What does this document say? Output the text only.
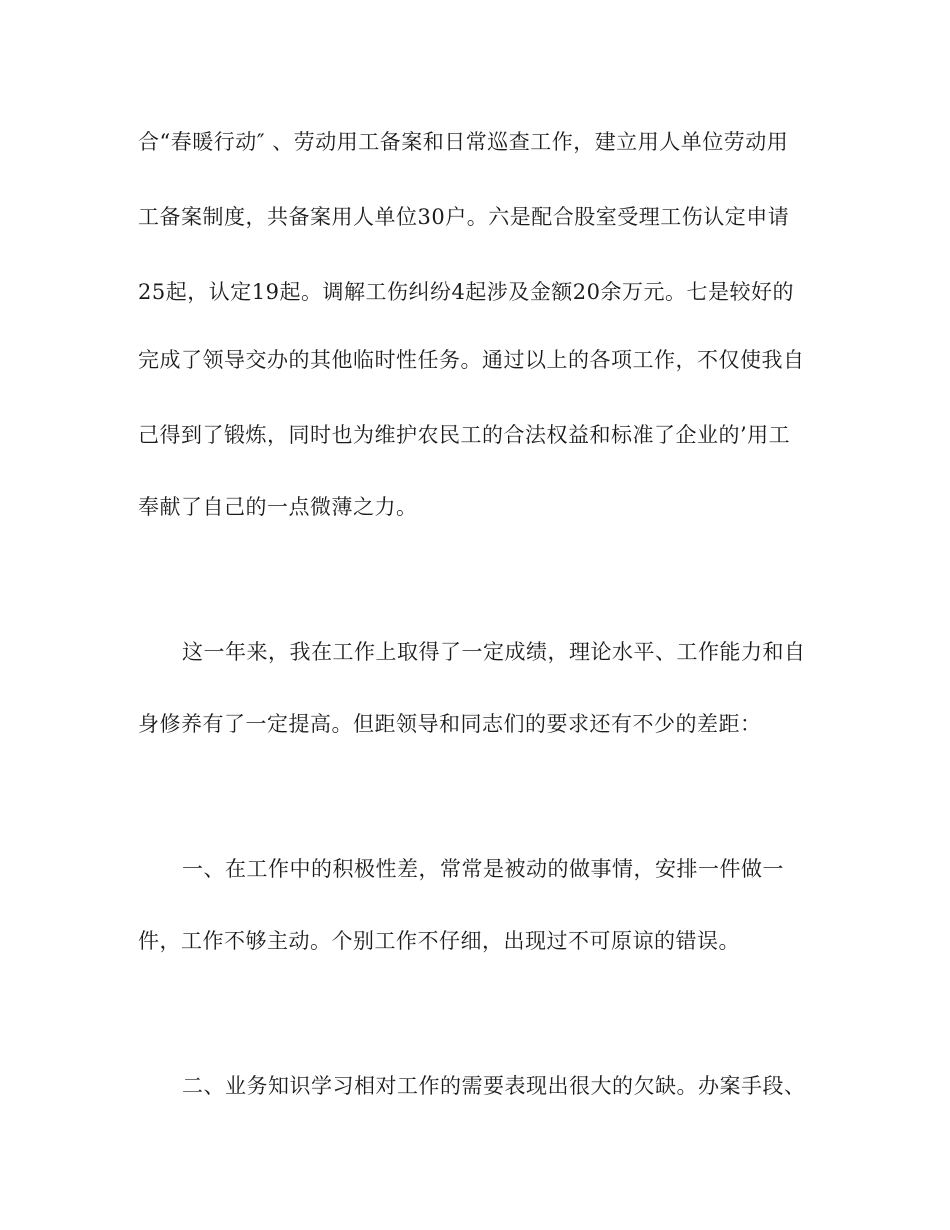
合“春暖行动″ 、劳动用工备案和日常巡查工作，建立用人单位劳动用
工备案制度，共备案用人单位30户。六是配合股室受理工伤认定申请
25起，认定19起。调解工伤纠纷4起涉及金额20余万元。七是较好的
完成了领导交办的其他临时性任务。通过以上的各项工作，不仅使我自
己得到了锻炼，同时也为维护农民工的合法权益和标准了企业的’用工
奉献了自己的一点微薄之力。
这一年来，我在工作上取得了一定成绩，理论水平、工作能力和自
身修养有了一定提高。但距领导和同志们的要求还有不少的差距：
一、在工作中的积极性差，常常是被动的做事情，安排一件做一
件，工作不够主动。个别工作不仔细，出现过不可原谅的错误。
二、业务知识学习相对工作的需要表现出很大的欠缺。办案手段、
